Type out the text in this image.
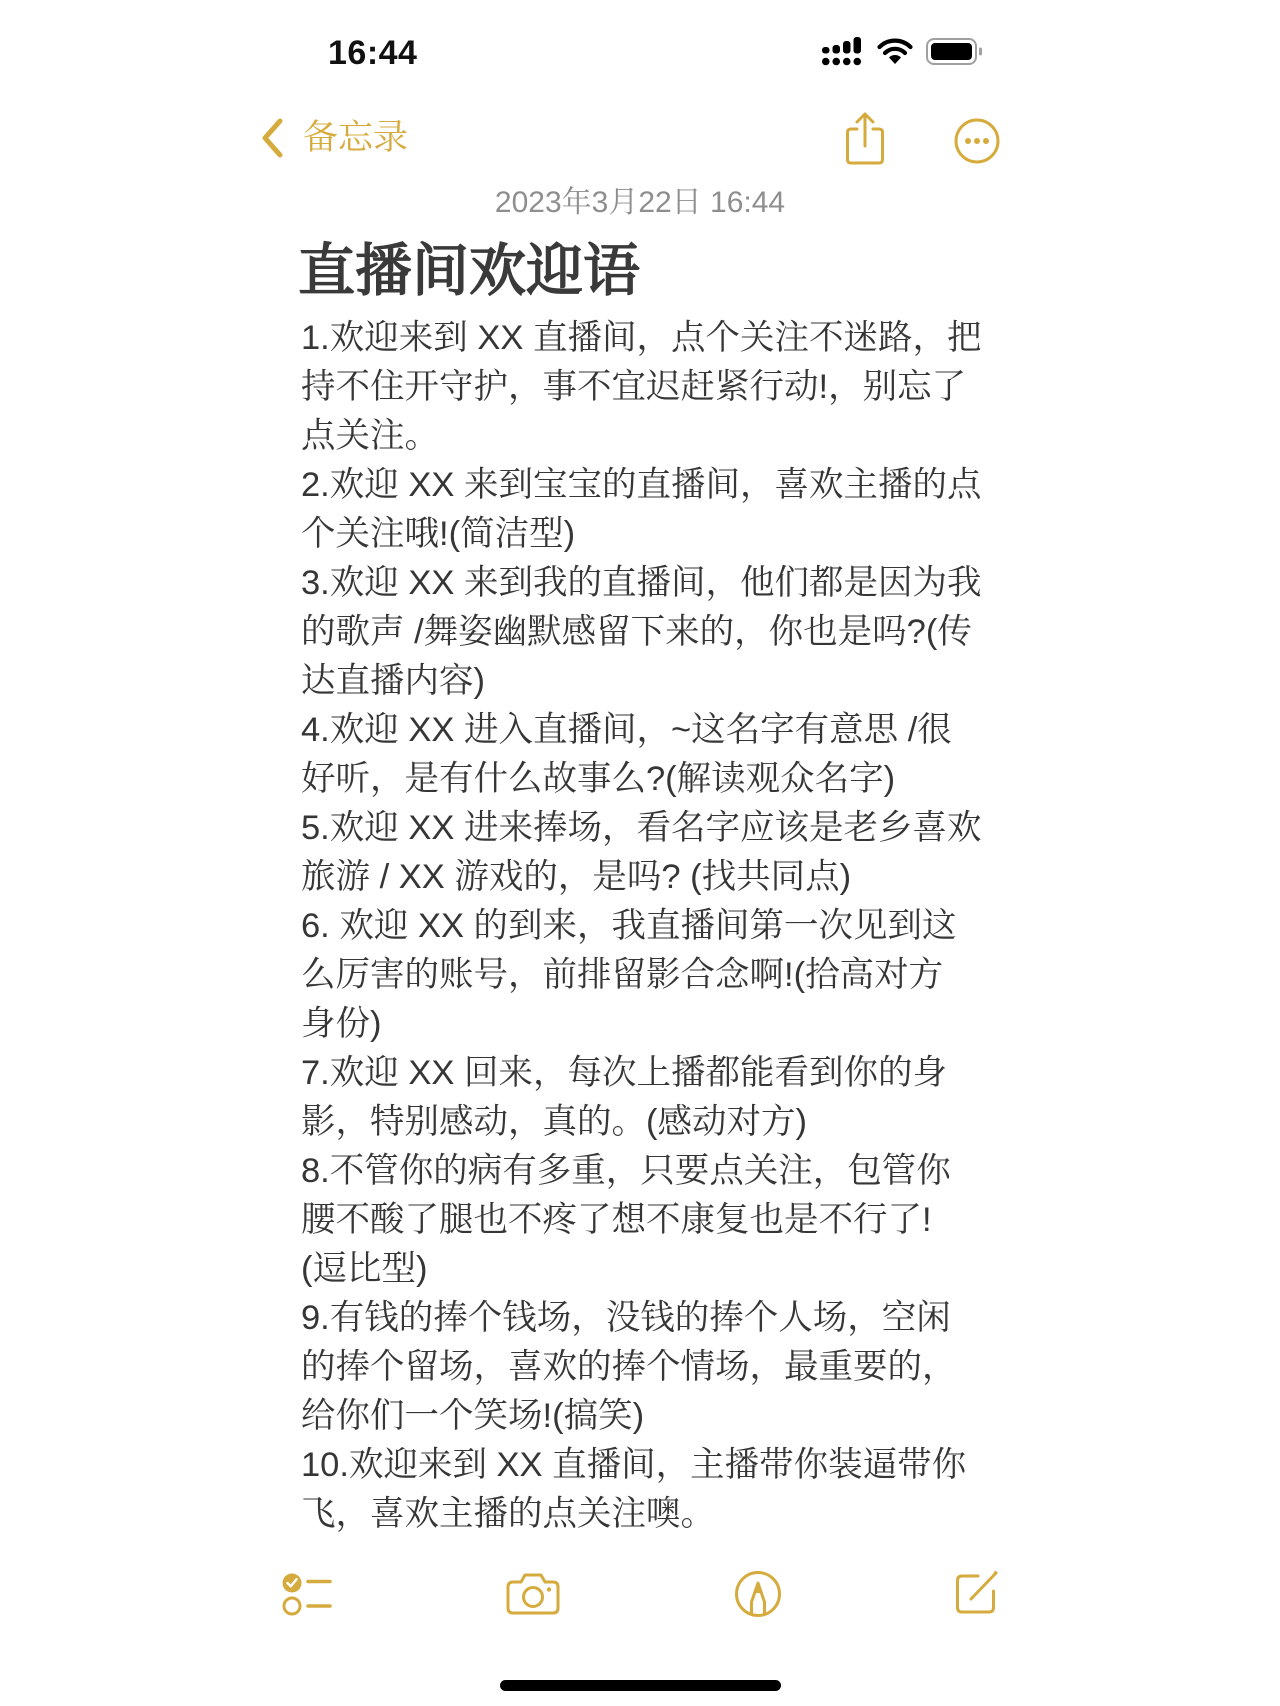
16:44
备忘录
2023年3月22日 16:44
直播间欢迎语
1.欢迎来到 XX 直播间，点个关注不迷路，把
持不住开守护，事不宜迟赶紧行动!，别忘了
点关注。
2.欢迎 XX 来到宝宝的直播间，喜欢主播的点
个关注哦!(简洁型)
3.欢迎 XX 来到我的直播间，他们都是因为我
的歌声 /舞姿幽默感留下来的，你也是吗?(传
达直播内容)
4.欢迎 XX 进入直播间，~这名字有意思 /很
好听，是有什么故事么?(解读观众名字)
5.欢迎 XX 进来捧场，看名字应该是老乡喜欢
旅游 / XX 游戏的，是吗? (找共同点)
6. 欢迎 XX 的到来，我直播间第一次见到这
么厉害的账号，前排留影合念啊!(拾高对方
身份)
7.欢迎 XX 回来，每次上播都能看到你的身
影，特别感动，真的。(感动对方)
8.不管你的病有多重，只要点关注，包管你
腰不酸了腿也不疼了想不康复也是不行了!
(逗比型)
9.有钱的捧个钱场，没钱的捧个人场，空闲
的捧个留场，喜欢的捧个情场，最重要的，
给你们一个笑场!(搞笑)
10.欢迎来到 XX 直播间，主播带你装逼带你
飞，喜欢主播的点关注噢。
